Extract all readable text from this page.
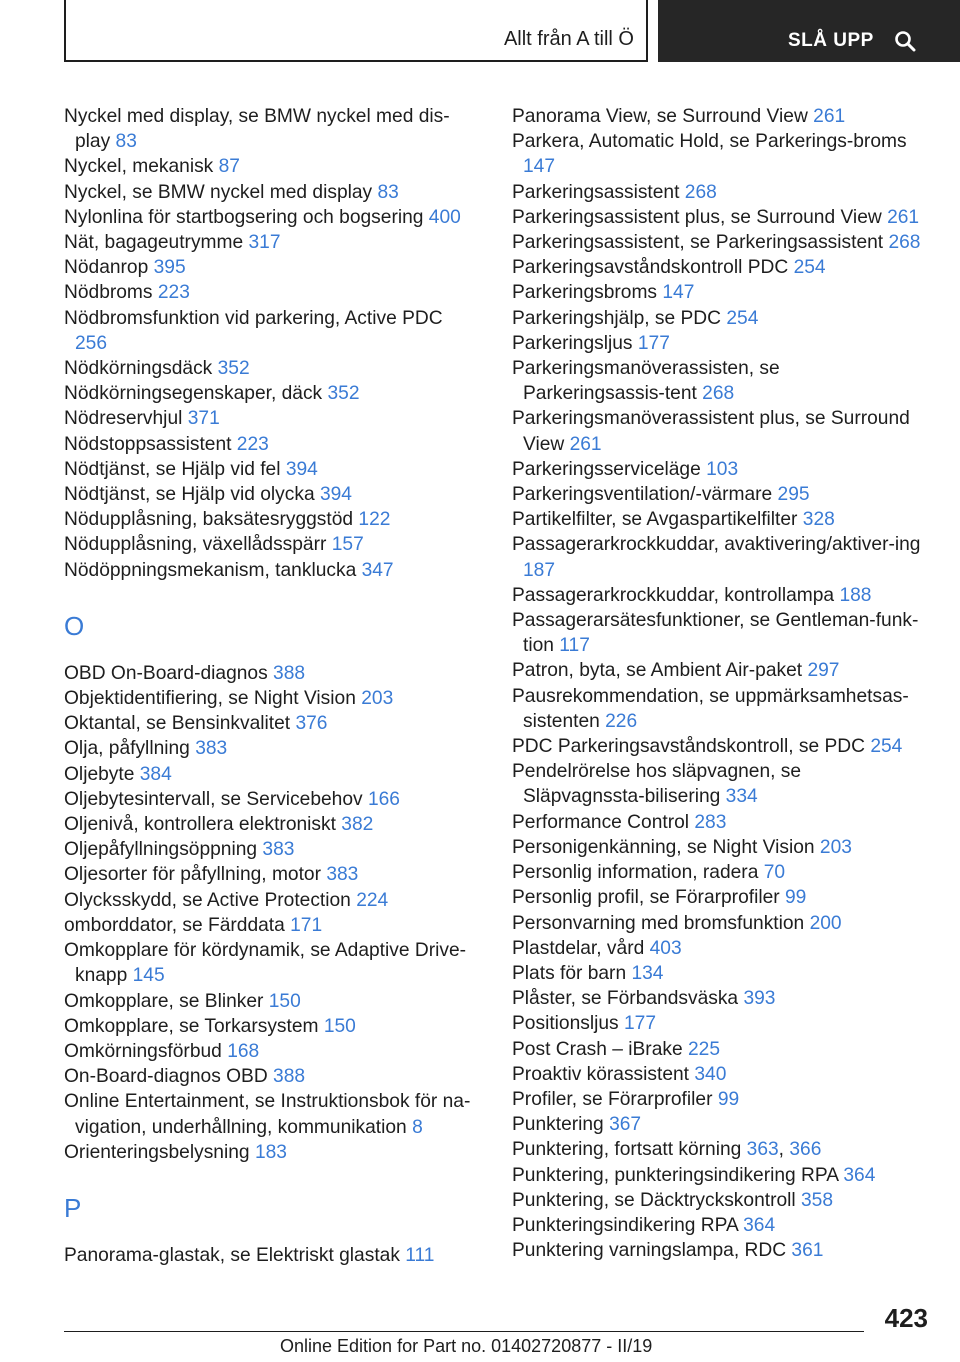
Allt från A till Ö	SLÅ UPP
Nyckel med display, se BMW nyckel med dis-play 83
Nyckel, mekanisk 87
Nyckel, se BMW nyckel med display 83
Nylonlina för startbogsering och bogsering 400
Nät, bagageutrymme 317
Nödanrop 395
Nödbroms 223
Nödbromsfunktion vid parkering, Active PDC 256
Nödkörningsdäck 352
Nödkörningsegenskaper, däck 352
Nödreservhjul 371
Nödstoppsassistent 223
Nödtjänst, se Hjälp vid fel 394
Nödtjänst, se Hjälp vid olycka 394
Nödupplåsning, baksätesryggstöd 122
Nödupplåsning, växellådsspärr 157
Nödöppningsmekanism, tanklucka 347
O
OBD On-Board-diagnos 388
Objektidentifiering, se Night Vision 203
Oktantal, se Bensinkvalitet 376
Olja, påfyllning 383
Oljebyte 384
Oljebytesintervall, se Servicebehov 166
Oljenivå, kontrollera elektroniskt 382
Oljepåfyllningsöppning 383
Oljesorter för påfyllning, motor 383
Olycksskydd, se Active Protection 224
omborddator, se Färddata 171
Omkopplare för kördynamik, se Adaptive Drive-knapp 145
Omkopplare, se Blinker 150
Omkopplare, se Torkarsystem 150
Omkörningsförbud 168
On-Board-diagnos OBD 388
Online Entertainment, se Instruktionsbok för na-vigation, underhållning, kommunikation 8
Orienteringsbelysning 183
P
Panorama-glastak, se Elektriskt glastak 111
Panorama View, se Surround View 261
Parkera, Automatic Hold, se Parkerings-broms 147
Parkeringsassistent 268
Parkeringsassistent plus, se Surround View 261
Parkeringsassistent, se Parkeringsassistent 268
Parkeringsavståndskontroll PDC 254
Parkeringsbroms 147
Parkeringshjälp, se PDC 254
Parkeringsljus 177
Parkeringsmanöverassisten, se Parkeringsassis-tent 268
Parkeringsmanöverassistent plus, se Surround View 261
Parkeringsserviceläge 103
Parkeringsventilation/-värmare 295
Partikelfilter, se Avgaspartikelfilter 328
Passagerarkrockkuddar, avaktivering/aktiver-ing 187
Passagerarkrockkuddar, kontrollampa 188
Passagerarsätesfunktioner, se Gentleman-funk-tion 117
Patron, byta, se Ambient Air-paket 297
Pausrekommendation, se uppmärksamhetsas-sistenten 226
PDC Parkeringsavståndskontroll, se PDC 254
Pendelrörelse hos släpvagnen, se Släpvagnssta-bilisering 334
Performance Control 283
Personigenkänning, se Night Vision 203
Personlig information, radera 70
Personlig profil, se Förarprofiler 99
Personvarning med bromsfunktion 200
Plastdelar, vård 403
Plats för barn 134
Plåster, se Förbandsväska 393
Positionsljus 177
Post Crash – iBrake 225
Proaktiv körassistent 340
Profiler, se Förarprofiler 99
Punktering 367
Punktering, fortsatt körning 363, 366
Punktering, punkteringsindikering RPA 364
Punktering, se Däcktryckskontroll 358
Punkteringsindikering RPA 364
Punktering varningslampa, RDC 361
423
Online Edition for Part no. 01402720877 - II/19
